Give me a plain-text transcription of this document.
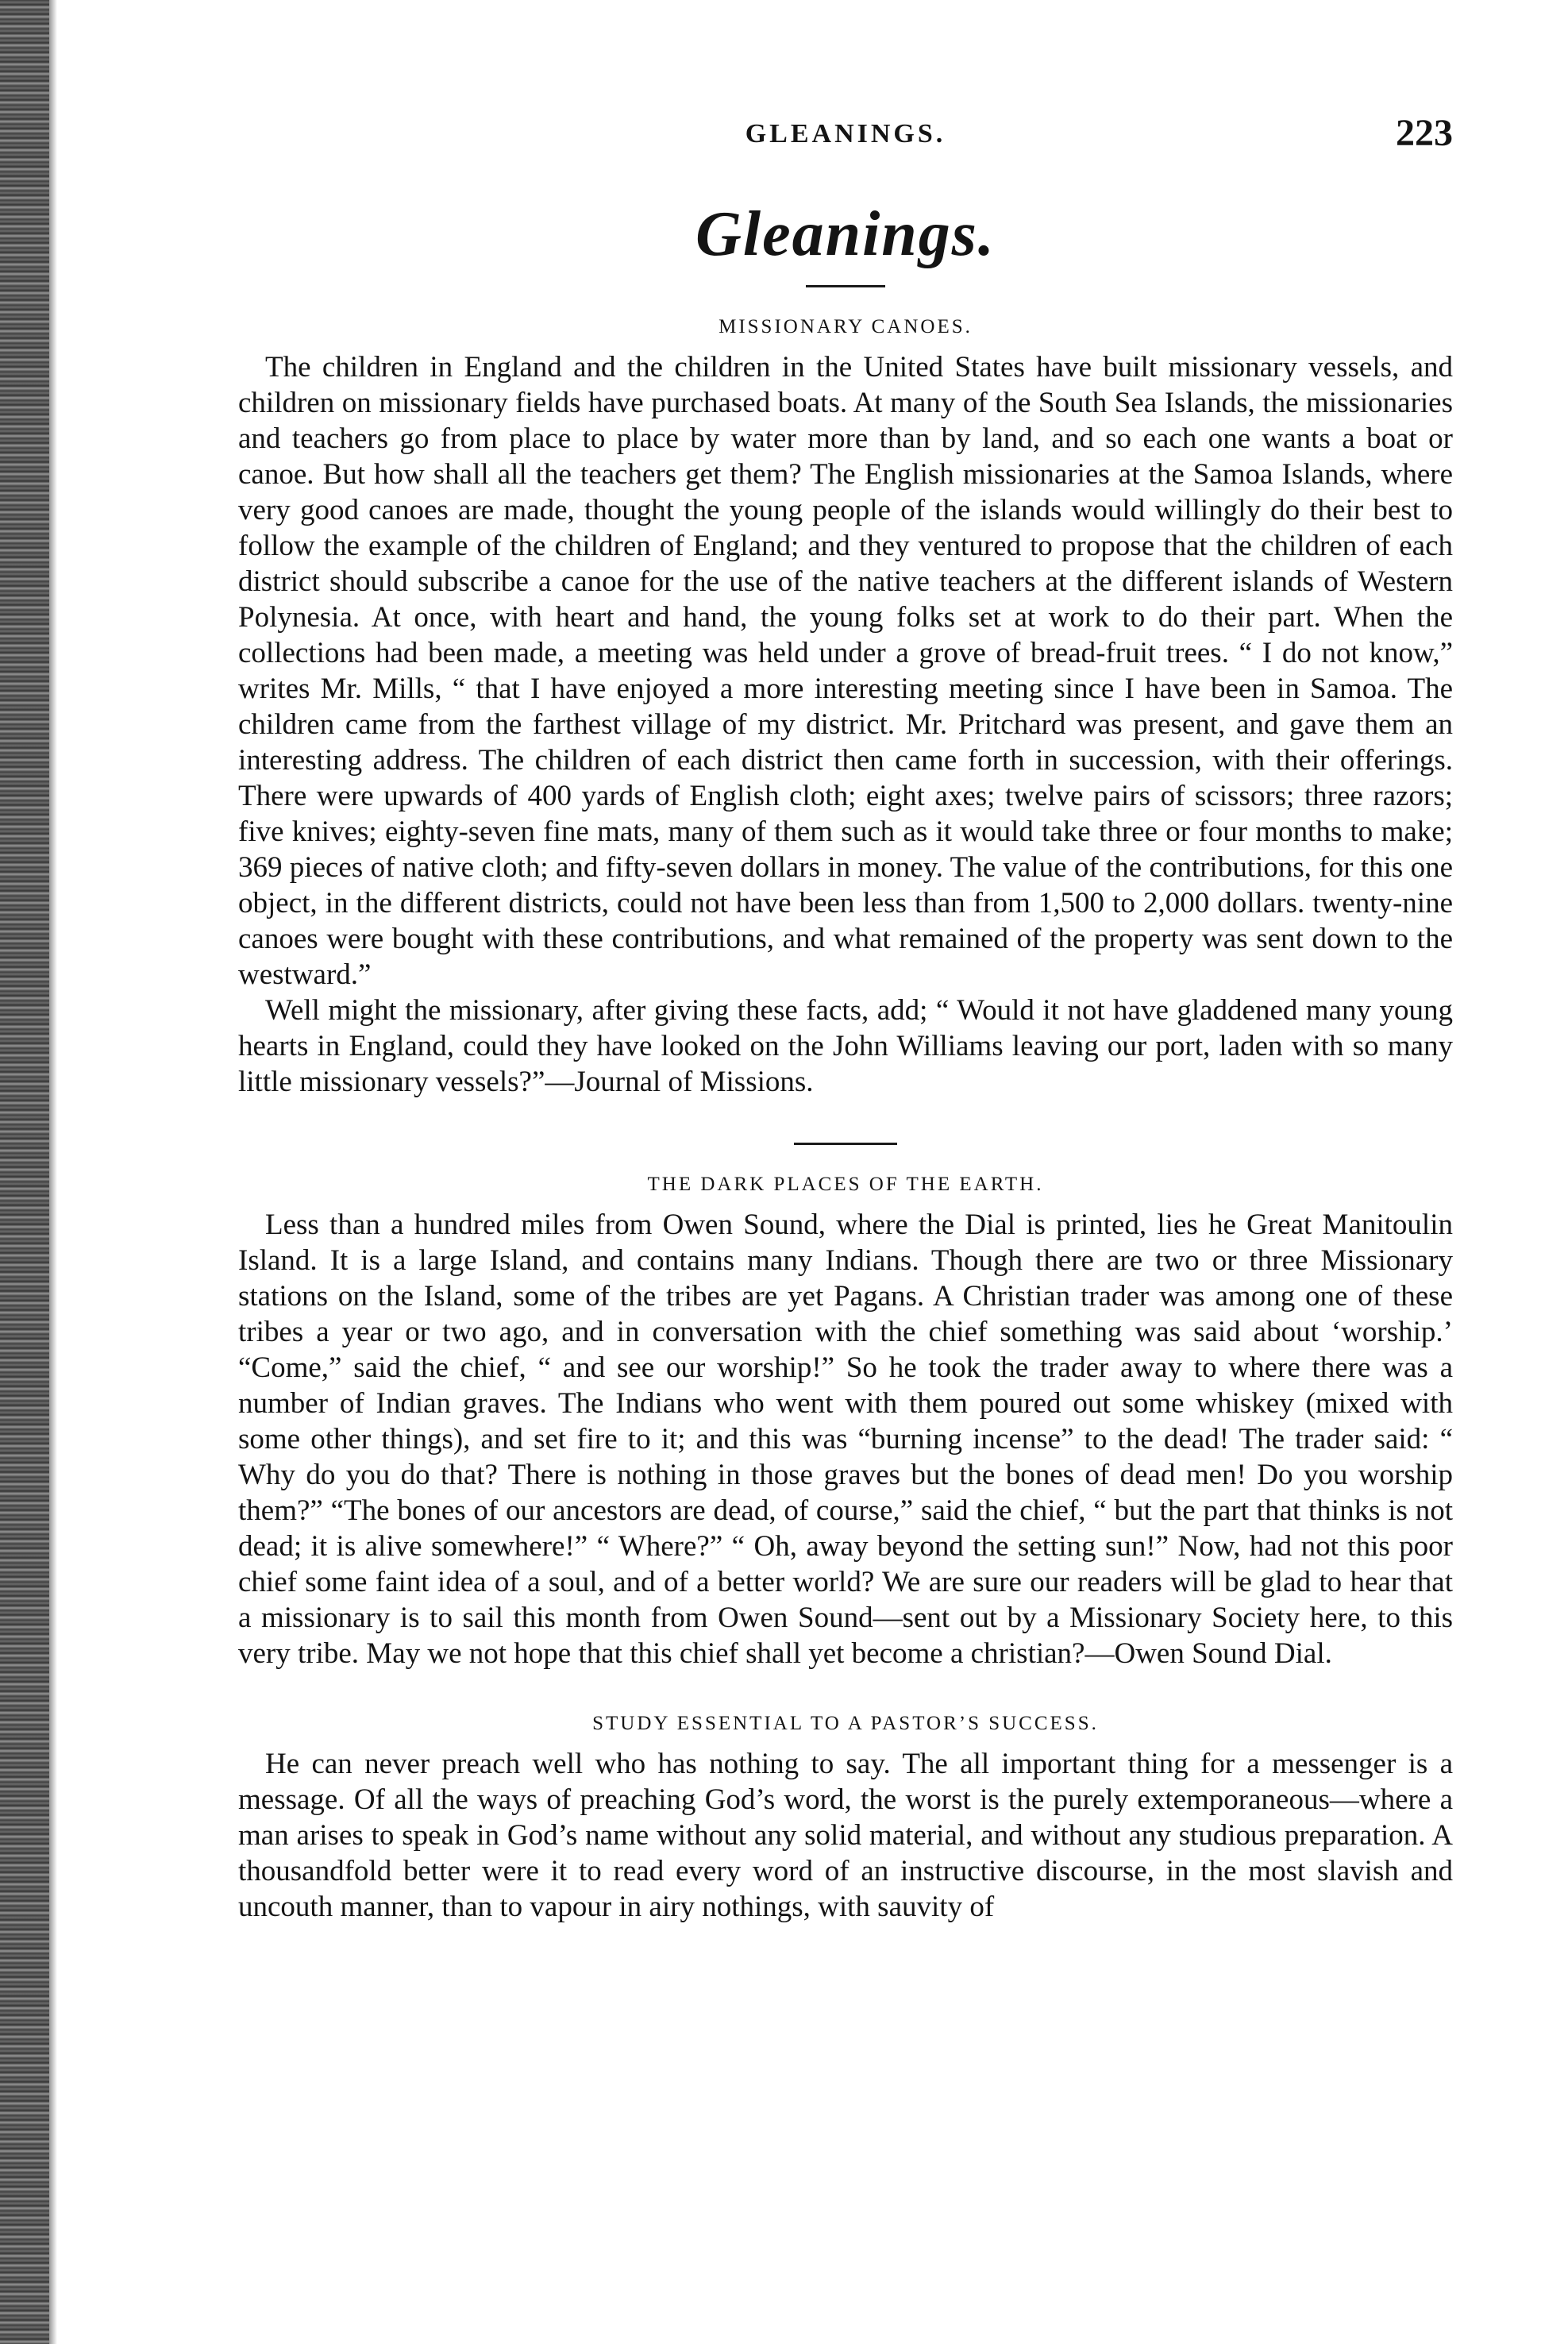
GLEANINGS.	223
Gleanings.
MISSIONARY CANOES.

The children in England and the children in the United States have built missionary vessels, and children on missionary fields have purchased boats. At many of the South Sea Islands, the missionaries and teachers go from place to place by water more than by land, and so each one wants a boat or canoe. But how shall all the teachers get them? The English missionaries at the Samoa Islands, where very good canoes are made, thought the young people of the islands would willingly do their best to follow the example of the children of England; and they ventured to propose that the children of each district should subscribe a canoe for the use of the native teachers at the different islands of Western Polynesia. At once, with heart and hand, the young folks set at work to do their part. When the collections had been made, a meeting was held under a grove of bread-fruit trees. “ I do not know,” writes Mr. Mills, “ that I have enjoyed a more interesting meeting since I have been in Samoa. The children came from the farthest village of my district. Mr. Pritchard was present, and gave them an interesting address. The children of each district then came forth in succession, with their offerings. There were upwards of 400 yards of English cloth; eight axes; twelve pairs of scissors; three razors; five knives; eighty-seven fine mats, many of them such as it would take three or four months to make; 369 pieces of native cloth; and fifty-seven dollars in money. The value of the contributions, for this one object, in the different districts, could not have been less than from 1,500 to 2,000 dollars. twenty-nine canoes were bought with these contributions, and what remained of the property was sent down to the westward.”

Well might the missionary, after giving these facts, add; “ Would it not have gladdened many young hearts in England, could they have looked on the John Williams leaving our port, laden with so many little missionary vessels?”—Journal of Missions.

THE DARK PLACES OF THE EARTH.

Less than a hundred miles from Owen Sound, where the Dial is printed, lies he Great Manitoulin Island. It is a large Island, and contains many Indians. Though there are two or three Missionary stations on the Island, some of the tribes are yet Pagans. A Christian trader was among one of these tribes a year or two ago, and in conversation with the chief something was said about ‘worship.’ “Come,” said the chief, “ and see our worship!” So he took the trader away to where there was a number of Indian graves. The Indians who went with them poured out some whiskey (mixed with some other things), and set fire to it; and this was “burning incense” to the dead! The trader said: “ Why do you do that? There is nothing in those graves but the bones of dead men! Do you worship them?” “The bones of our ancestors are dead, of course,” said the chief, “ but the part that thinks is not dead; it is alive somewhere!” “ Where?” “ Oh, away beyond the setting sun!” Now, had not this poor chief some faint idea of a soul, and of a better world? We are sure our readers will be glad to hear that a missionary is to sail this month from Owen Sound—sent out by a Missionary Society here, to this very tribe. May we not hope that this chief shall yet become a christian?—Owen Sound Dial.

STUDY ESSENTIAL TO A PASTOR’S SUCCESS.

He can never preach well who has nothing to say. The all important thing for a messenger is a message. Of all the ways of preaching God’s word, the worst is the purely extemporaneous—where a man arises to speak in God’s name without any solid material, and without any studious preparation. A thousandfold better were it to read every word of an instructive discourse, in the most slavish and uncouth manner, than to vapour in airy nothings, with sauvity of
